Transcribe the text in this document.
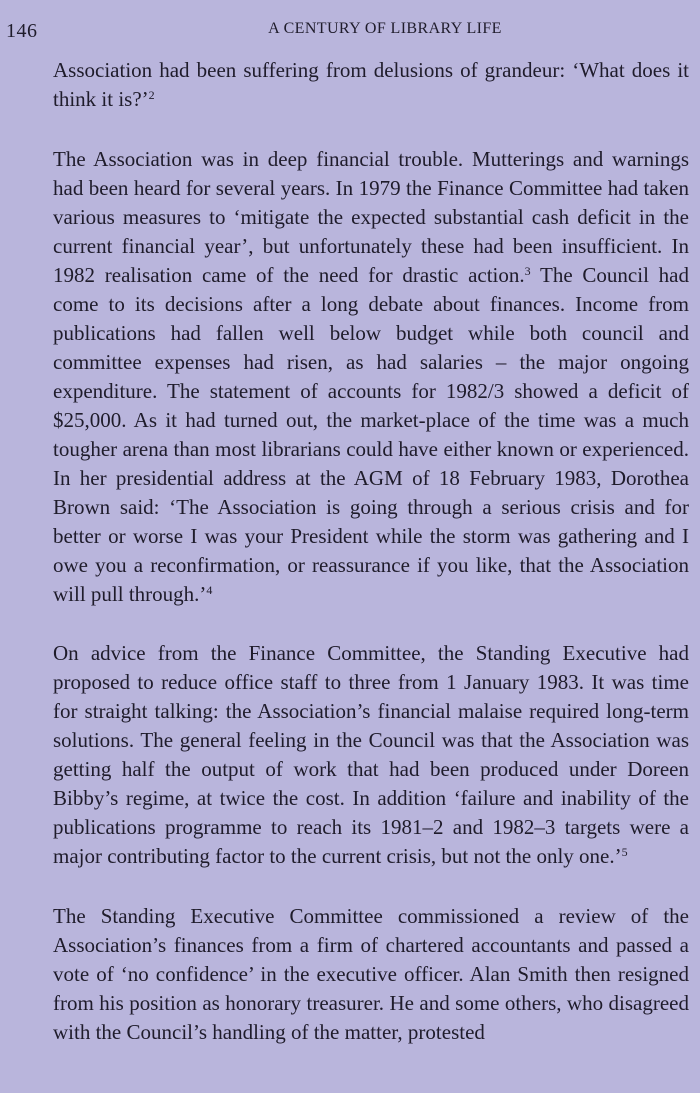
146	A CENTURY OF LIBRARY LIFE

Association had been suffering from delusions of grandeur: ‘What does it think it is?’$^2$

The Association was in deep financial trouble. Mutterings and warnings had been heard for several years. In 1979 the Finance Committee had taken various measures to ‘mitigate the expected substantial cash deficit in the current financial year’, but unfortunately these had been insufficient. In 1982 realisation came of the need for drastic action.$^3$ The Council had come to its decisions after a long debate about finances. Income from publications had fallen well below budget while both council and committee expenses had risen, as had salaries – the major ongoing expenditure. The statement of accounts for 1982/3 showed a deficit of $25,000. As it had turned out, the market-place of the time was a much tougher arena than most librarians could have either known or experienced. In her presidential address at the AGM of 18 February 1983, Dorothea Brown said: ‘The Association is going through a serious crisis and for better or worse I was your President while the storm was gathering and I owe you a reconfirmation, or reassurance if you like, that the Association will pull through.’$^4$

On advice from the Finance Committee, the Standing Executive had proposed to reduce office staff to three from 1 January 1983. It was time for straight talking: the Association’s financial malaise required long-term solutions. The general feeling in the Council was that the Association was getting half the output of work that had been produced under Doreen Bibby’s regime, at twice the cost. In addition ‘failure and inability of the publications programme to reach its 1981–2 and 1982–3 targets were a major contributing factor to the current crisis, but not the only one.’$^5$

The Standing Executive Committee commissioned a review of the Association’s finances from a firm of chartered accountants and passed a vote of ‘no confidence’ in the executive officer. Alan Smith then resigned from his position as honorary treasurer. He and some others, who disagreed with the Council’s handling of the matter, protested
